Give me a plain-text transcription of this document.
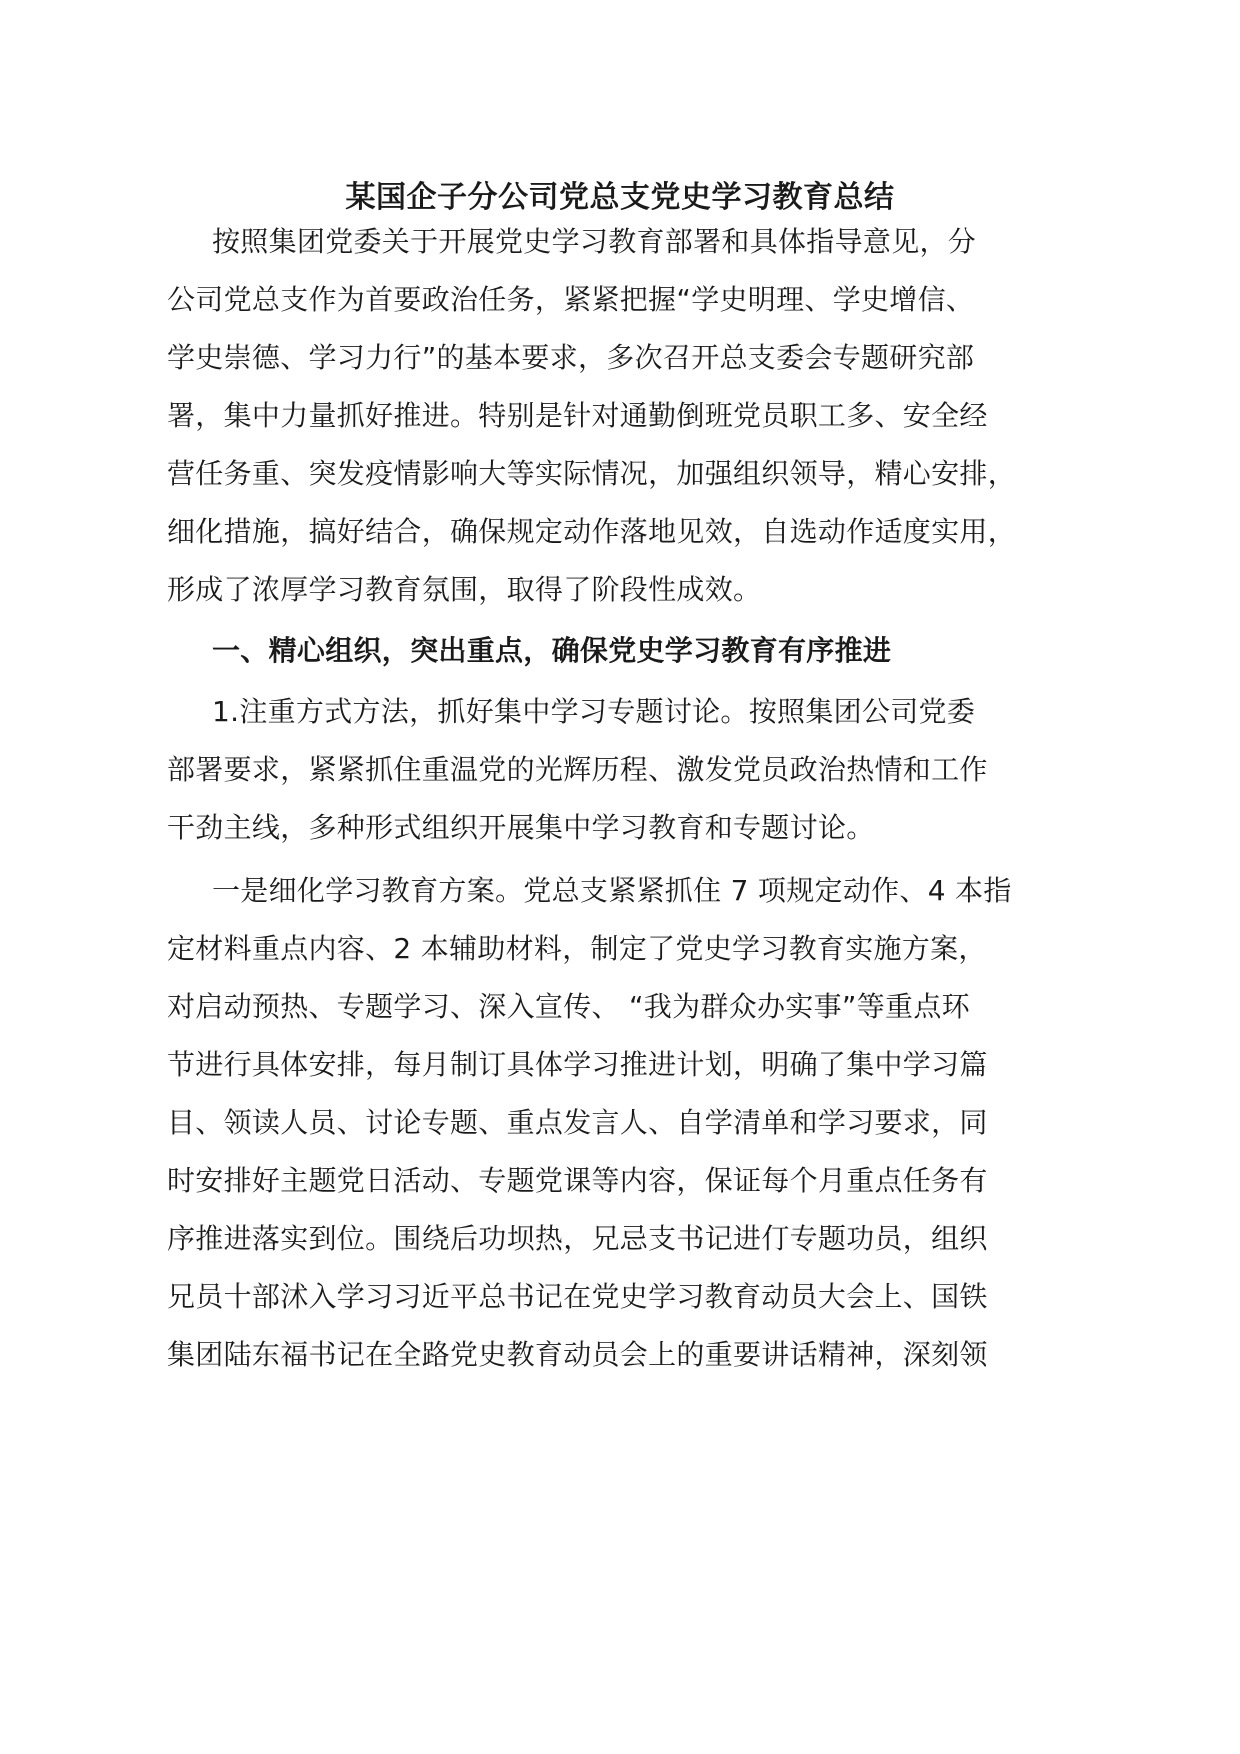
某国企子分公司党总支党史学习教育总结
按照集团党委关于开展党史学习教育部署和具体指导意见，分
公司党总支作为首要政治任务，紧紧把握“学史明理、学史增信、
学史崇德、学习力行”的基本要求，多次召开总支委会专题研究部
署，集中力量抓好推进。特别是针对通勤倒班党员职工多、安全经
营任务重、突发疫情影响大等实际情况，加强组织领导，精心安排，
细化措施，搞好结合，确保规定动作落地见效，自选动作适度实用，
形成了浓厚学习教育氛围，取得了阶段性成效。
一、精心组织，突出重点，确保党史学习教育有序推进
1.注重方式方法，抓好集中学习专题讨论。按照集团公司党委
部署要求，紧紧抓住重温党的光辉历程、激发党员政治热情和工作
干劲主线，多种形式组织开展集中学习教育和专题讨论。
一是细化学习教育方案。党总支紧紧抓住 7 项规定动作、4 本指
定材料重点内容、2 本辅助材料，制定了党史学习教育实施方案，
对启动预热、专题学习、深入宣传、 “我为群众办实事”等重点环
节进行具体安排，每月制订具体学习推进计划，明确了集中学习篇
目、领读人员、讨论专题、重点发言人、自学清单和学习要求，同
时安排好主题党日活动、专题党课等内容，保证每个月重点任务有
序推进落实到位。围绕后功坝热，兄忌支书记进仃专题功员，组织
兄员十部沭入学习习近平总书记在党史学习教育动员大会上、国铁
集团陆东福书记在全路党史教育动员会上的重要讲话精神，深刻领
